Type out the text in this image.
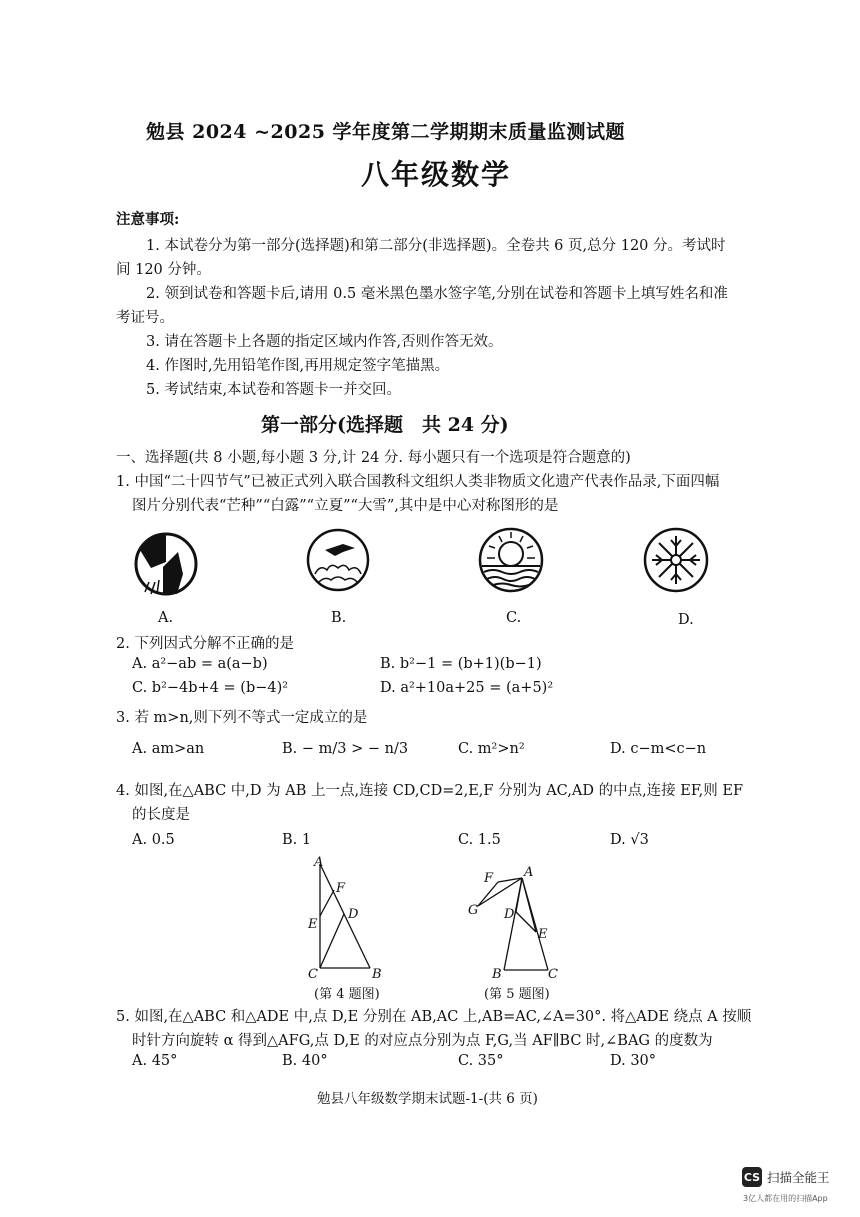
勉县 2024 ~2025 学年度第二学期期末质量监测试题
八年级数学
注意事项:
1. 本试卷分为第一部分(选择题)和第二部分(非选择题)。全卷共 6 页,总分 120 分。考试时
间 120 分钟。
2. 领到试卷和答题卡后,请用 0.5 毫米黑色墨水签字笔,分别在试卷和答题卡上填写姓名和准
考证号。
3. 请在答题卡上各题的指定区域内作答,否则作答无效。
4. 作图时,先用铅笔作图,再用规定签字笔描黑。
5. 考试结束,本试卷和答题卡一并交回。
第一部分(选择题　共 24 分)
一、选择题(共 8 小题,每小题 3 分,计 24 分. 每小题只有一个选项是符合题意的)
1. 中国“二十四节气”已被正式列入联合国教科文组织人类非物质文化遗产代表作品录,下面四幅
图片分别代表“芒种”“白露”“立夏”“大雪”,其中是中心对称图形的是
A.	B.	C.	D.
2. 下列因式分解不正确的是
A. a²−ab = a(a−b)	B. b²−1 = (b+1)(b−1)
C. b²−4b+4 = (b−4)²	D. a²+10a+25 = (a+5)²
3. 若 m>n,则下列不等式一定成立的是
A. am>an	B. − m/3 > − n/3	C. m²>n²	D. c−m<c−n
4. 如图,在△ABC 中,D 为 AB 上一点,连接 CD,CD=2,E,F 分别为 AC,AD 的中点,连接 EF,则 EF
的长度是
A. 0.5	B. 1	C. 1.5	D. √3
A
F
D
E
C	B
(第 4 题图)
A
F
G D
E
B	C
(第 5 题图)
5. 如图,在△ABC 和△ADE 中,点 D,E 分别在 AB,AC 上,AB=AC,∠A=30°. 将△ADE 绕点 A 按顺
时针方向旋转 α 得到△AFG,点 D,E 的对应点分别为点 F,G,当 AF∥BC 时,∠BAG 的度数为
A. 45°	B. 40°	C. 35°	D. 30°
勉县八年级数学期末试题-1-(共 6 页)
CS 扫描全能王
3亿人都在用的扫描App
